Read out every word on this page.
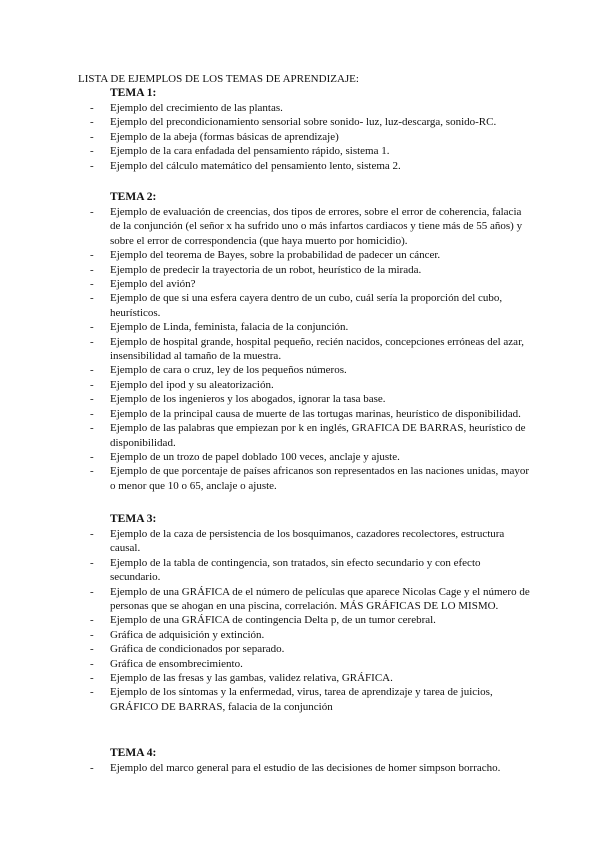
LISTA DE EJEMPLOS DE LOS TEMAS DE APRENDIZAJE:
TEMA 1:
- Ejemplo del crecimiento de las plantas.
- Ejemplo del precondicionamiento sensorial sobre sonido- luz, luz-descarga, sonido-RC.
- Ejemplo de la abeja (formas básicas de aprendizaje)
- Ejemplo de la cara enfadada del pensamiento rápido, sistema 1.
- Ejemplo del cálculo matemático del pensamiento lento, sistema 2.
TEMA 2:
- Ejemplo de evaluación de creencias, dos tipos de errores, sobre el error de coherencia, falacia de la conjunción (el señor x ha sufrido uno o más infartos cardiacos y tiene más de 55 años) y sobre el error de correspondencia (que haya muerto por homicidio).
- Ejemplo del teorema de Bayes, sobre la probabilidad de padecer un cáncer.
- Ejemplo de predecir la trayectoria de un robot, heurístico de la mirada.
- Ejemplo del avión?
- Ejemplo de que si una esfera cayera dentro de un cubo, cuál sería la proporción del cubo, heurísticos.
- Ejemplo de Linda, feminista, falacia de la conjunción.
- Ejemplo de hospital grande, hospital pequeño, recién nacidos, concepciones erróneas del azar, insensibilidad al tamaño de la muestra.
- Ejemplo de cara o cruz, ley de los pequeños números.
- Ejemplo del ipod y su aleatorización.
- Ejemplo de los ingenieros y los abogados, ignorar la tasa base.
- Ejemplo de la principal causa de muerte de las tortugas marinas, heurístico de disponibilidad.
- Ejemplo de las palabras que empiezan por k en inglés, GRAFICA DE BARRAS, heurístico de disponibilidad.
- Ejemplo de un trozo de papel doblado 100 veces, anclaje y ajuste.
- Ejemplo de que porcentaje de países africanos son representados en las naciones unidas, mayor o menor que 10 o 65, anclaje o ajuste.
TEMA 3:
- Ejemplo de la caza de persistencia de los bosquimanos, cazadores recolectores, estructura causal.
- Ejemplo de la tabla de contingencia, son tratados, sin efecto secundario y con efecto secundario.
- Ejemplo de una GRÁFICA de el número de películas que aparece Nicolas Cage y el número de personas que se ahogan en una piscina, correlación. MÁS GRÁFICAS DE LO MISMO.
- Ejemplo de una GRÁFICA de contingencia Delta p, de un tumor cerebral.
- Gráfica de adquisición y extinción.
- Gráfica de condicionados por separado.
- Gráfica de ensombrecimiento.
- Ejemplo de las fresas y las gambas, validez relativa, GRÁFICA.
- Ejemplo de los síntomas y la enfermedad, virus, tarea de aprendizaje y tarea de juicios, GRÁFICO DE BARRAS, falacia de la conjunción
TEMA 4:
- Ejemplo del marco general para el estudio de las decisiones de homer simpson borracho.
